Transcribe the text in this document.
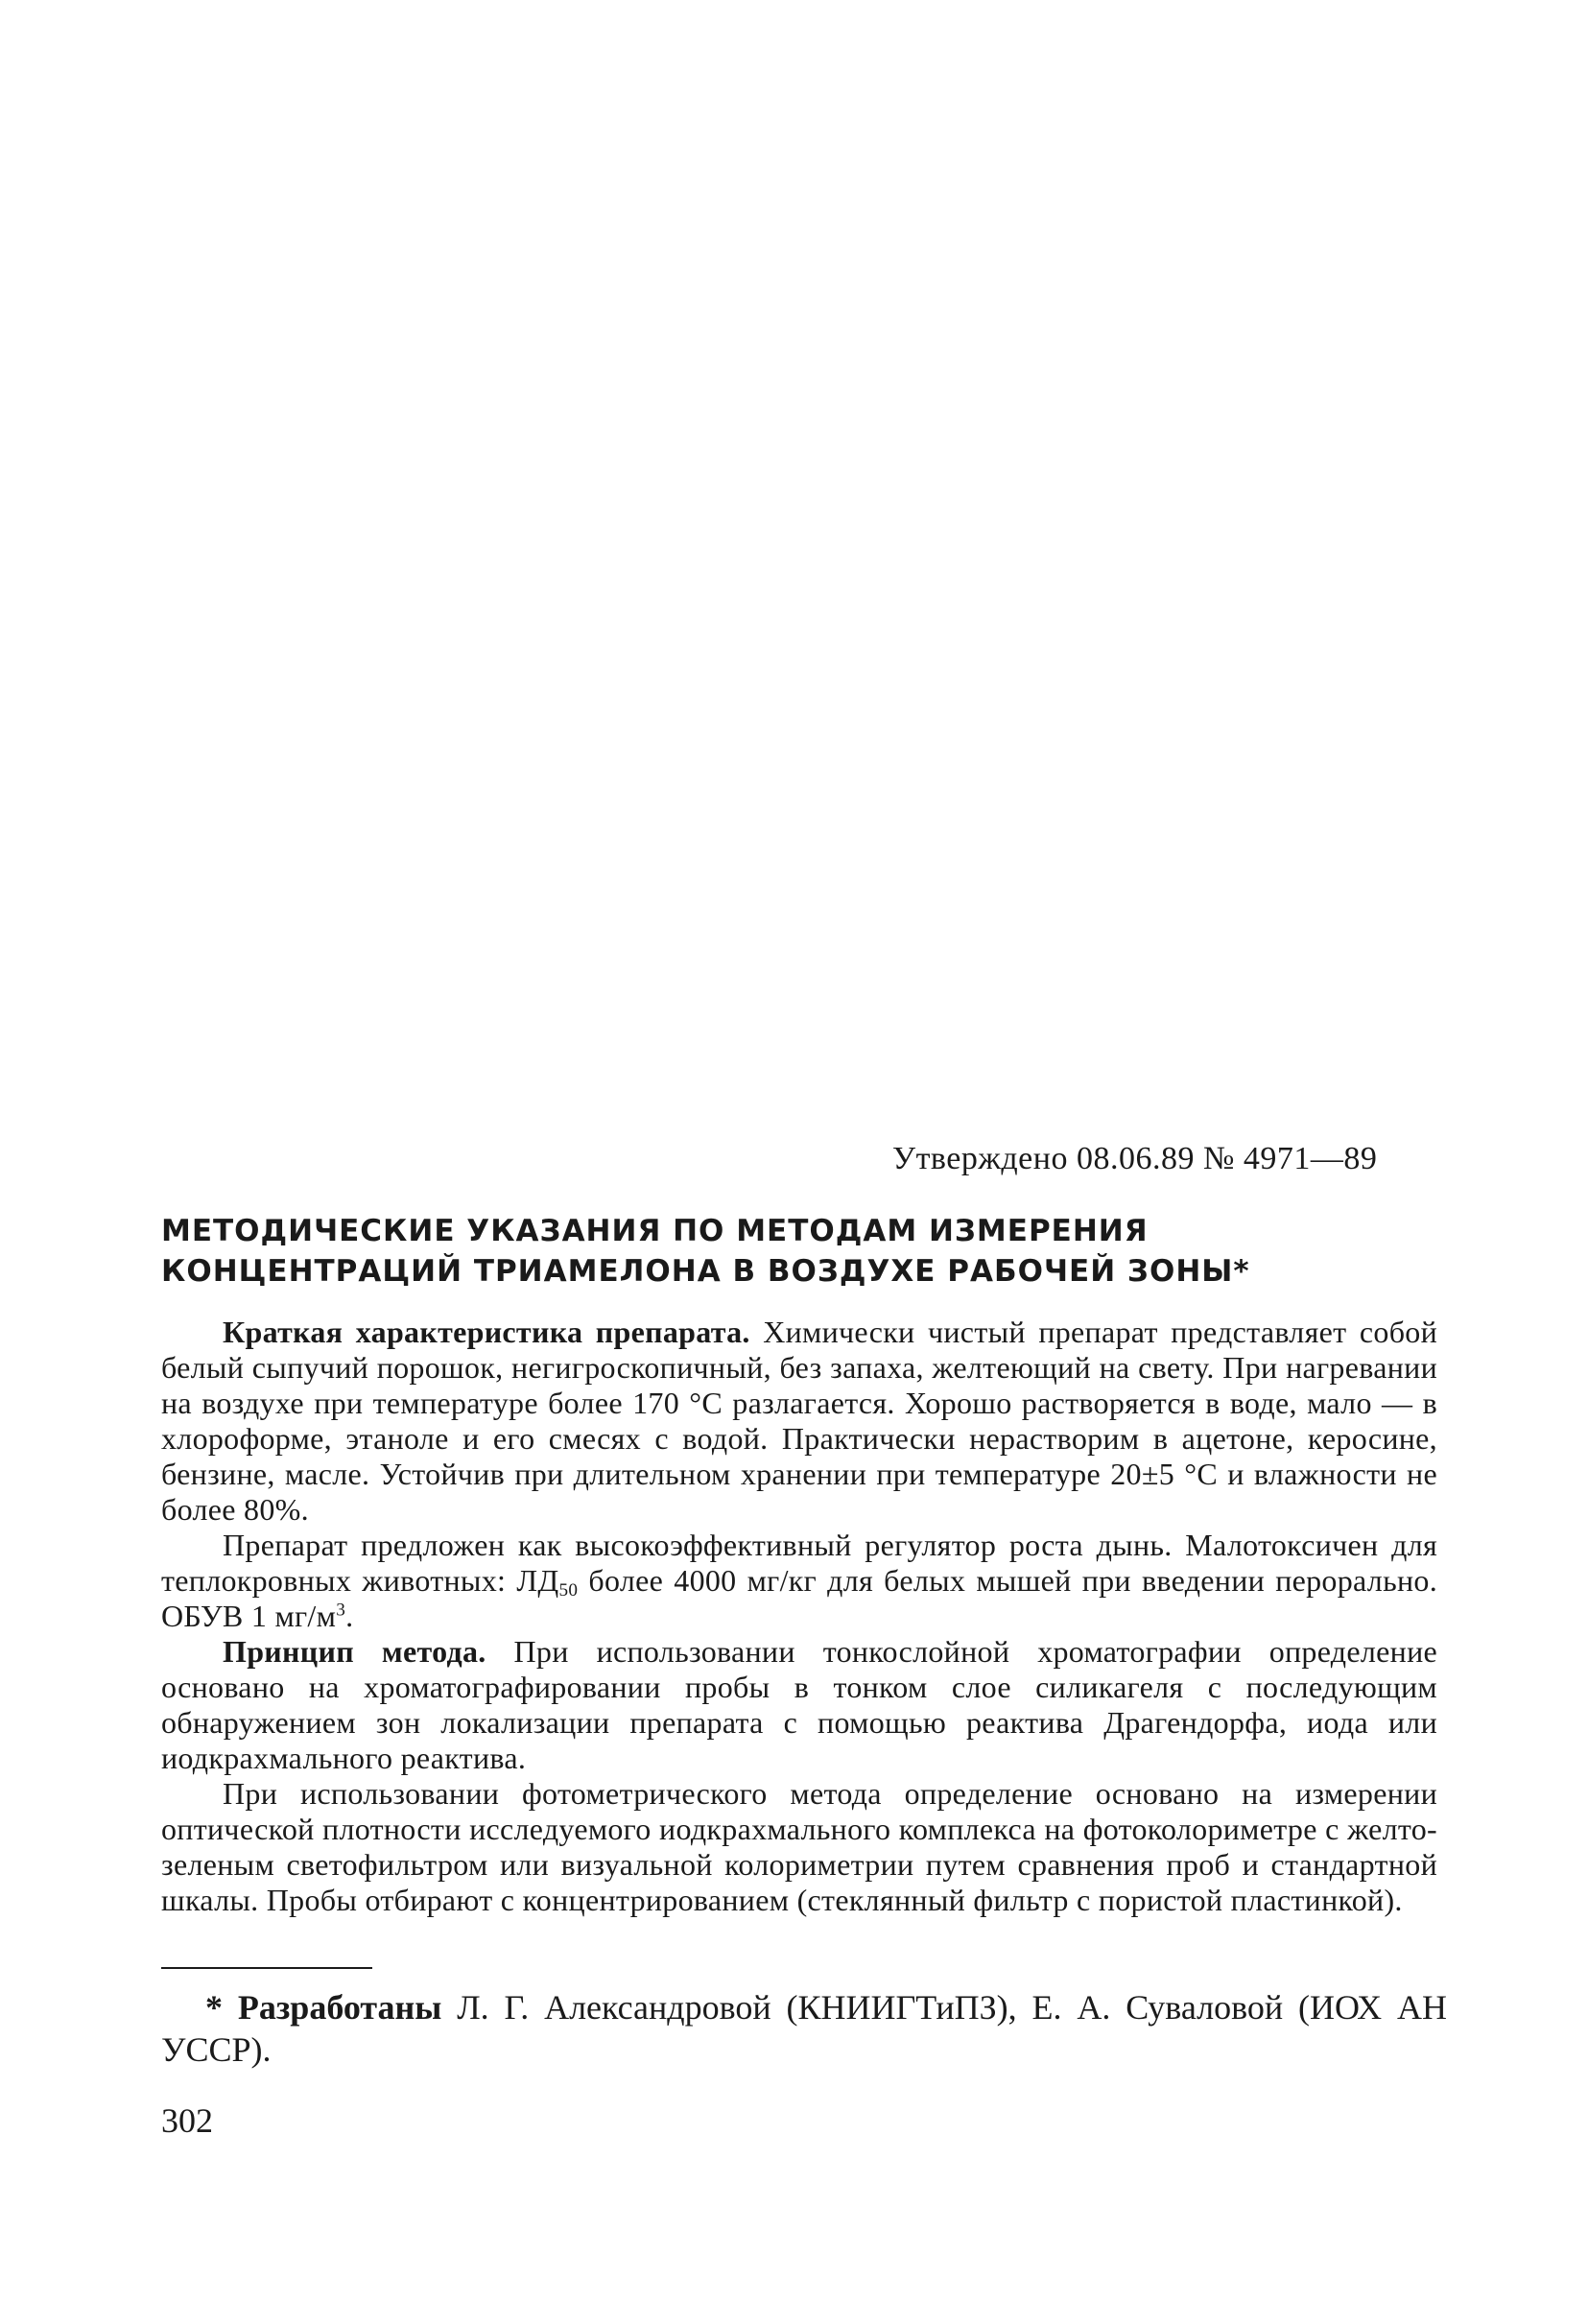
Утверждено 08.06.89 № 4971—89
МЕТОДИЧЕСКИЕ УКАЗАНИЯ ПО МЕТОДАМ ИЗМЕРЕНИЯ
КОНЦЕНТРАЦИЙ ТРИАМЕЛОНА В ВОЗДУХЕ РАБОЧЕЙ ЗОНЫ*

Краткая характеристика препарата. Химически чистый препарат представляет собой белый сыпучий порошок, негигроскопичный, без запаха, желтеющий на свету. При нагревании на воздухе при температуре более 170 °С разлагается. Хорошо растворяется в воде, мало — в хлороформе, этаноле и его смесях с водой. Практически нерастворим в ацетоне, керосине, бензине, масле. Устойчив при длительном хранении при температуре 20±5 °С и влажности не более 80%.

Препарат предложен как высокоэффективный регулятор роста дынь. Малотоксичен для теплокровных животных: $ЛД_{50}$ более 4000 мг/кг для белых мышей при введении перорально. ОБУВ 1 $мг/м^3$.

Принцип метода. При использовании тонкослойной хроматографии определение основано на хроматографировании пробы в тонком слое силикагеля с последующим обнаружением зон локализации препарата с помощью реактива Драгендорфа, иода или иодкрахмального реактива.

При использовании фотометрического метода определение основано на измерении оптической плотности исследуемого иодкрахмального комплекса на фотоколориметре с желто-зеленым светофильтром или визуальной колориметрии путем сравнения проб и стандартной шкалы. Пробы отбирают с концентрированием (стеклянный фильтр с пористой пластинкой).

* Разработаны Л. Г. Александровой (КНИИГТиПЗ), Е. А. Суваловой (ИОХ АН УССР).
302
